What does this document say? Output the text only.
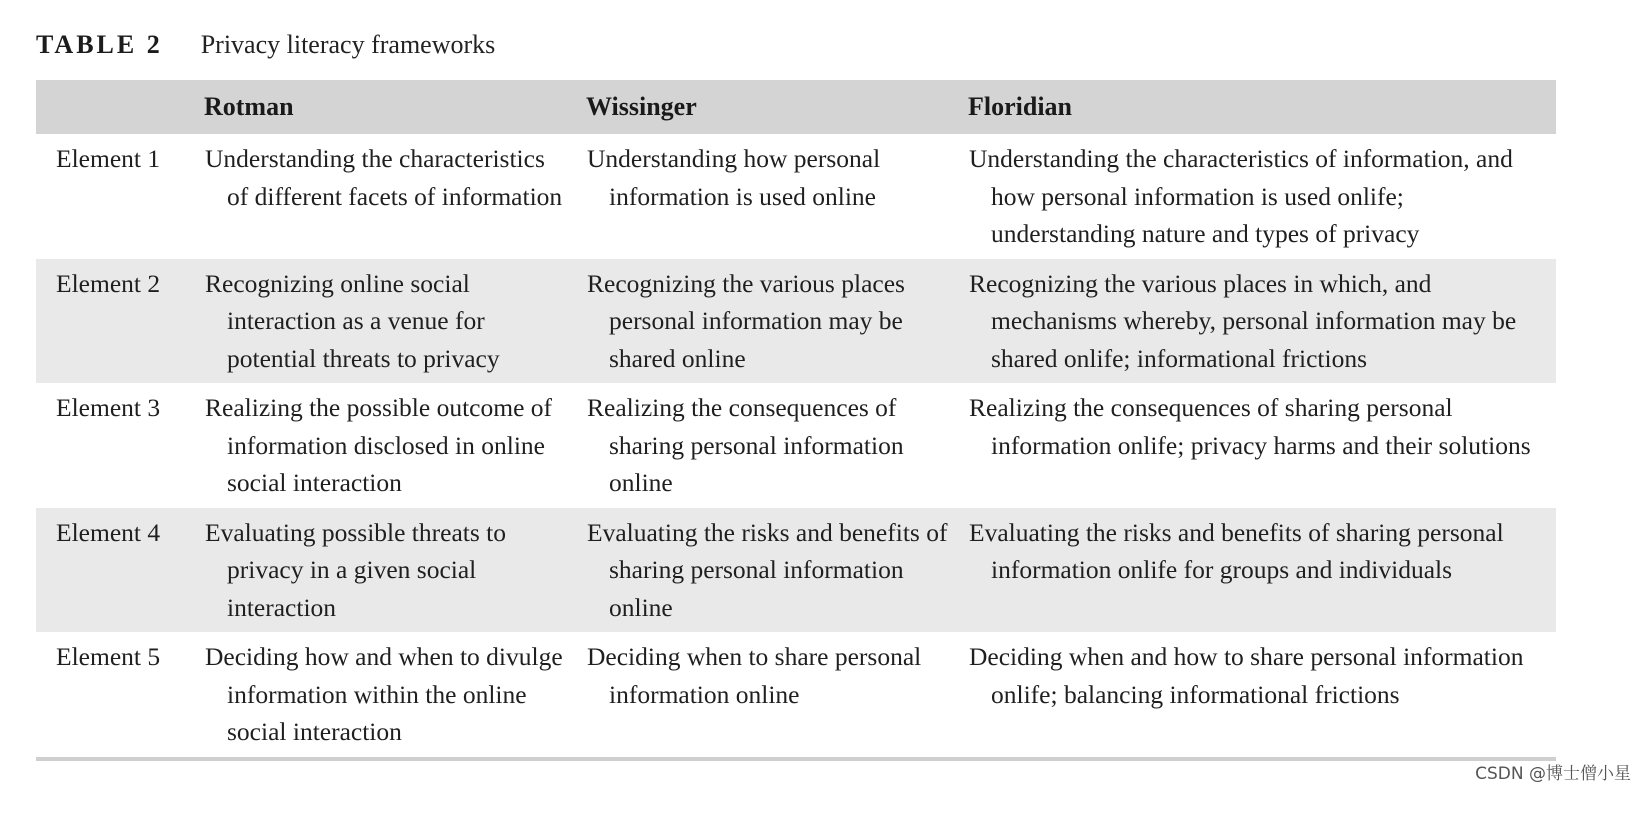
TABLE 2 Privacy literacy frameworks
	Rotman	Wissinger	Floridian
Element 1	Understanding the characteristics of different facets of information	Understanding how personal information is used online	Understanding the characteristics of information, and how personal information is used onlife; understanding nature and types of privacy

Element 2	Recognizing online social interaction as a venue for potential threats to privacy	Recognizing the various places personal information may be shared online	Recognizing the various places in which, and mechanisms whereby, personal information may be shared onlife; informational frictions

Element 3	Realizing the possible outcome of information disclosed in online social interaction	Realizing the consequences of sharing personal information online	Realizing the consequences of sharing personal information onlife; privacy harms and their solutions

Element 4	Evaluating possible threats to privacy in a given social interaction	Evaluating the risks and benefits of sharing personal information online	Evaluating the risks and benefits of sharing personal information onlife for groups and individuals

Element 5	Deciding how and when to divulge information within the online social interaction	Deciding when to share personal information online	Deciding when and how to share personal information onlife; balancing informational frictions
CSDN @博士僧小星
